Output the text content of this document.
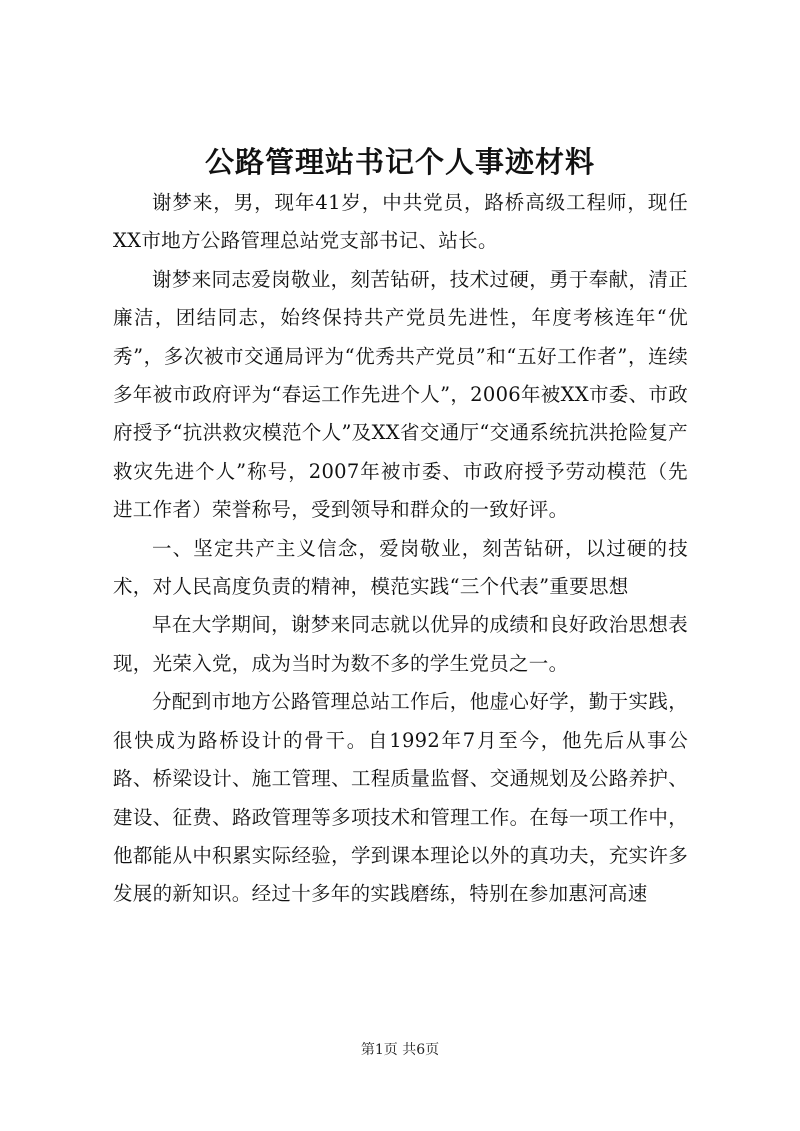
公路管理站书记个人事迹材料

谢梦来，男，现年41岁，中共党员，路桥高级工程师，现任XX市地方公路管理总站党支部书记、站长。

谢梦来同志爱岗敬业，刻苦钻研，技术过硬，勇于奉献，清正廉洁，团结同志，始终保持共产党员先进性，年度考核连年“优秀”，多次被市交通局评为“优秀共产党员”和“五好工作者”，连续多年被市政府评为“春运工作先进个人”，2006年被XX市委、市政府授予“抗洪救灾模范个人”及XX省交通厅“交通系统抗洪抢险复产救灾先进个人”称号，2007年被市委、市政府授予劳动模范（先进工作者）荣誉称号，受到领导和群众的一致好评。

一、坚定共产主义信念，爱岗敬业，刻苦钻研，以过硬的技术，对人民高度负责的精神，模范实践“三个代表”重要思想

早在大学期间，谢梦来同志就以优异的成绩和良好政治思想表现，光荣入党，成为当时为数不多的学生党员之一。

分配到市地方公路管理总站工作后，他虚心好学，勤于实践，很快成为路桥设计的骨干。自1992年7月至今，他先后从事公路、桥梁设计、施工管理、工程质量监督、交通规划及公路养护、建设、征费、路政管理等多项技术和管理工作。在每一项工作中，他都能从中积累实际经验，学到课本理论以外的真功夫，充实许多发展的新知识。经过十多年的实践磨练，特别在参加惠河高速

第1页 共6页
